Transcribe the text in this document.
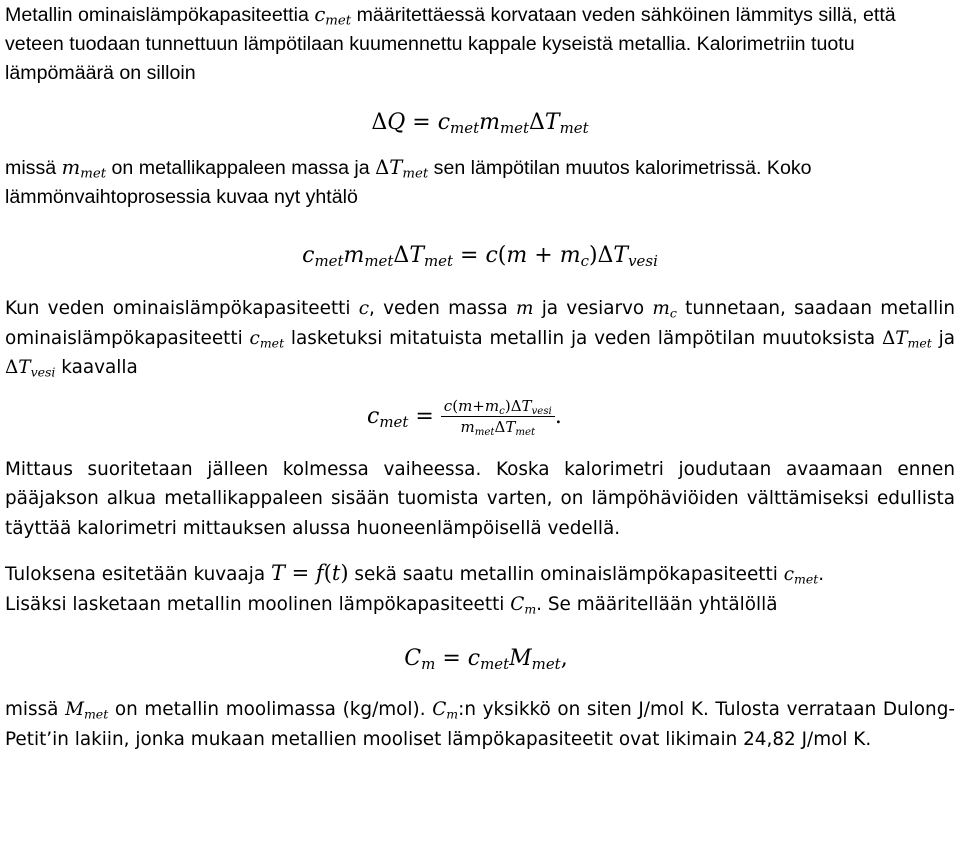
Metallin ominaislämpökapasiteettia $c_{met}$ määritettäessä korvataan veden sähköinen lämmitys sillä, että veteen tuodaan tunnettuun lämpötilaan kuumennettu kappale kyseistä metallia. Kalorimetriin tuotu lämpömäärä on silloin

$\Delta Q = c_{met}m_{met}\Delta T_{met}$

missä $m_{met}$ on metallikappaleen massa ja $\Delta T_{met}$ sen lämpötilan muutos kalorimetrissä. Koko lämmönvaihtoprosessia kuvaa nyt yhtälö

$c_{met}m_{met}\Delta T_{met} = c(m + m_c)\Delta T_{vesi}$

Kun veden ominaislämpökapasiteetti c, veden massa m ja vesiarvo $m_c$ tunnetaan, saadaan metallin ominaislämpökapasiteetti $c_{met}$ lasketuksi mitatuista metallin ja veden lämpötilan muutoksista $\Delta T_{met}$ ja $\Delta T_{vesi}$ kaavalla

$c_{met} = \frac{c(m+m_c)\Delta T_{vesi}}{m_{met}\Delta T_{met}}$ .

Mittaus suoritetaan jälleen kolmessa vaiheessa. Koska kalorimetri joudutaan avaamaan ennen pääjakson alkua metallikappaleen sisään tuomista varten, on lämpöhäviöiden välttämiseksi edullista täyttää kalorimetri mittauksen alussa huoneenlämpöisellä vedellä.

Tuloksena esitetään kuvaaja T = f(t) sekä saatu metallin ominaislämpökapasiteetti $c_{met}$.
Lisäksi lasketaan metallin moolinen lämpökapasiteetti $C_m$. Se määritellään yhtälöllä

$C_m = c_{met}M_{met}$,

missä $M_{met}$ on metallin moolimassa (kg/mol). $C_m:n$ yksikkö on siten J/mol K. Tulosta verrataan Dulong-Petit’in lakiin, jonka mukaan metallien mooliset lämpökapasiteetit ovat likimain 24,82 J/mol K.
